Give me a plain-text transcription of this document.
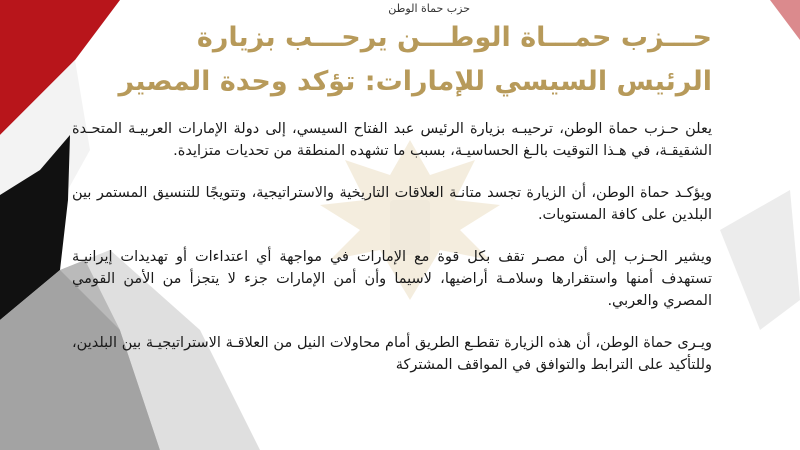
حزب حماة الوطن
حـــزب حمـــاة الوطـــن يرحـــب بزيارة
الرئيس السيسي للإمارات: تؤكد وحدة المصير

يعلن حـزب حماة الوطن، ترحيبـه بزيارة الرئيس عبد الفتاح السيسي، إلى دولة الإمارات العربيـة المتحـدة الشقيقـة، في هـذا التوقيت بالـغ الحساسيـة، بسبب ما تشهده المنطقة من تحديات متزايدة.

ويؤكـد حماة الوطن، أن الزيارة تجسد متانـة العلاقات التاريخية والاستراتيجية، وتتويجًا للتنسيق المستمر بين البلدين على كافة المستويات.

ويشير الحـزب إلى أن مصـر تقف بكل قوة مع الإمارات في مواجهة أي اعتداءات أو تهديدات إيرانيـة تستهدف أمنها واستقرارها وسلامـة أراضيها، لاسيما وأن أمن الإمارات جزء لا يتجزأ من الأمن القومي المصري والعربي.

ويـرى حماة الوطن، أن هذه الزيارة تقطـع الطريق أمام محاولات النيل من العلاقـة الاستراتيجيـة بين البلدين، وللتأكيد على الترابط والتوافق في المواقف المشتركة
